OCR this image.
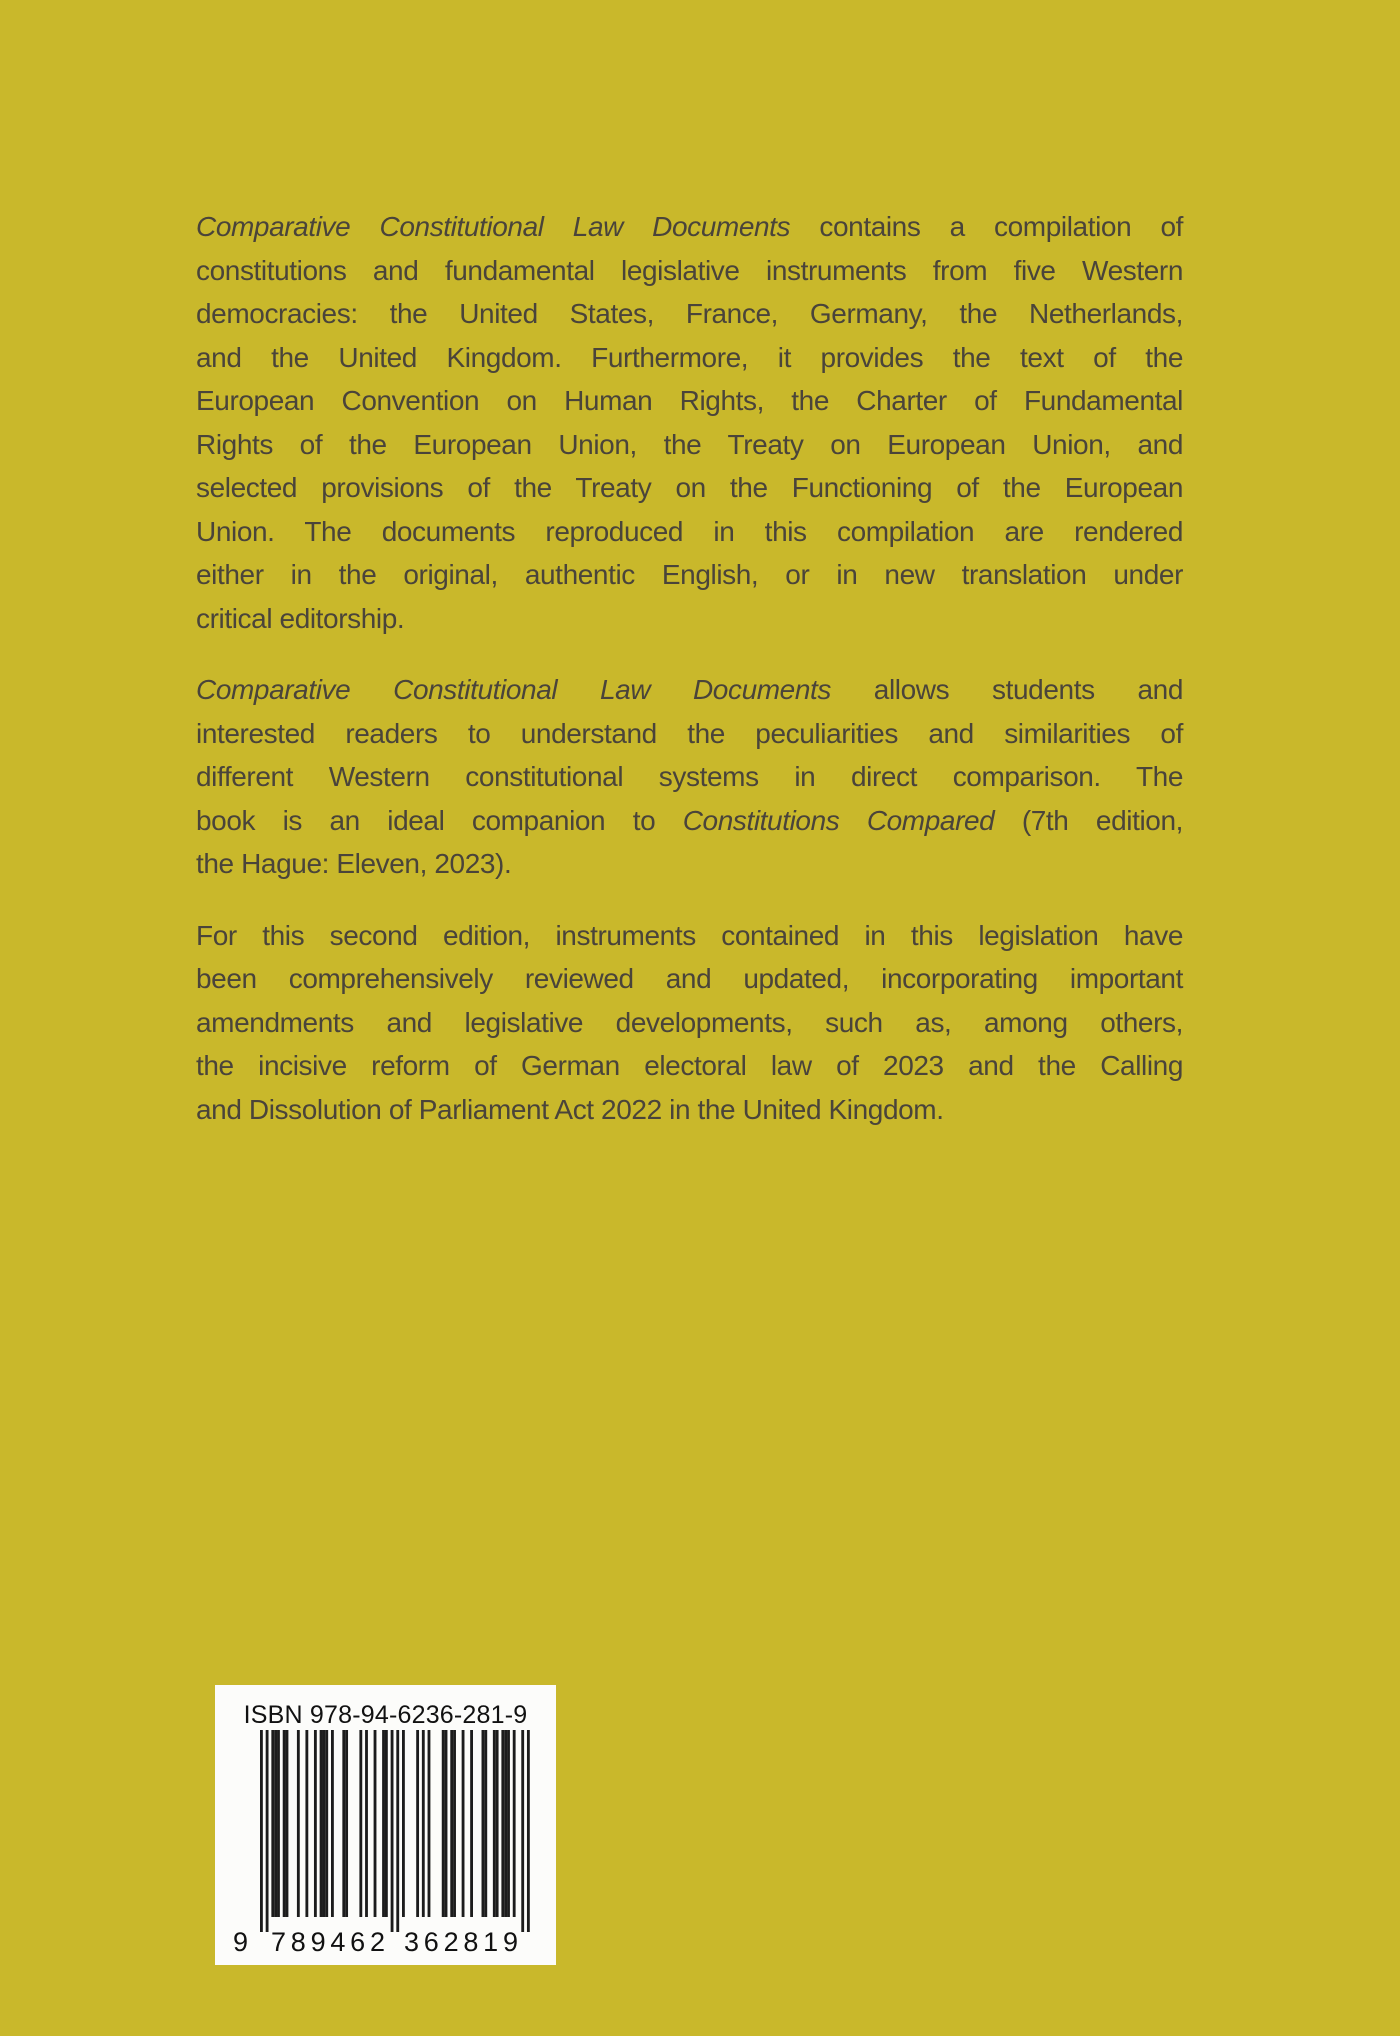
Comparative Constitutional Law Documents contains a compilation of
constitutions and fundamental legislative instruments from five Western
democracies: the United States, France, Germany, the Netherlands,
and the United Kingdom. Furthermore, it provides the text of the
European Convention on Human Rights, the Charter of Fundamental
Rights of the European Union, the Treaty on European Union, and
selected provisions of the Treaty on the Functioning of the European
Union. The documents reproduced in this compilation are rendered
either in the original, authentic English, or in new translation under
critical editorship.
Comparative Constitutional Law Documents allows students and
interested readers to understand the peculiarities and similarities of
different Western constitutional systems in direct comparison. The
book is an ideal companion to Constitutions Compared (7th edition,
the Hague: Eleven, 2023).
For this second edition, instruments contained in this legislation have
been comprehensively reviewed and updated, incorporating important
amendments and legislative developments, such as, among others,
the incisive reform of German electoral law of 2023 and the Calling
and Dissolution of Parliament Act 2022 in the United Kingdom.
9 789462 362819
ISBN 978-94-6236-281-9
